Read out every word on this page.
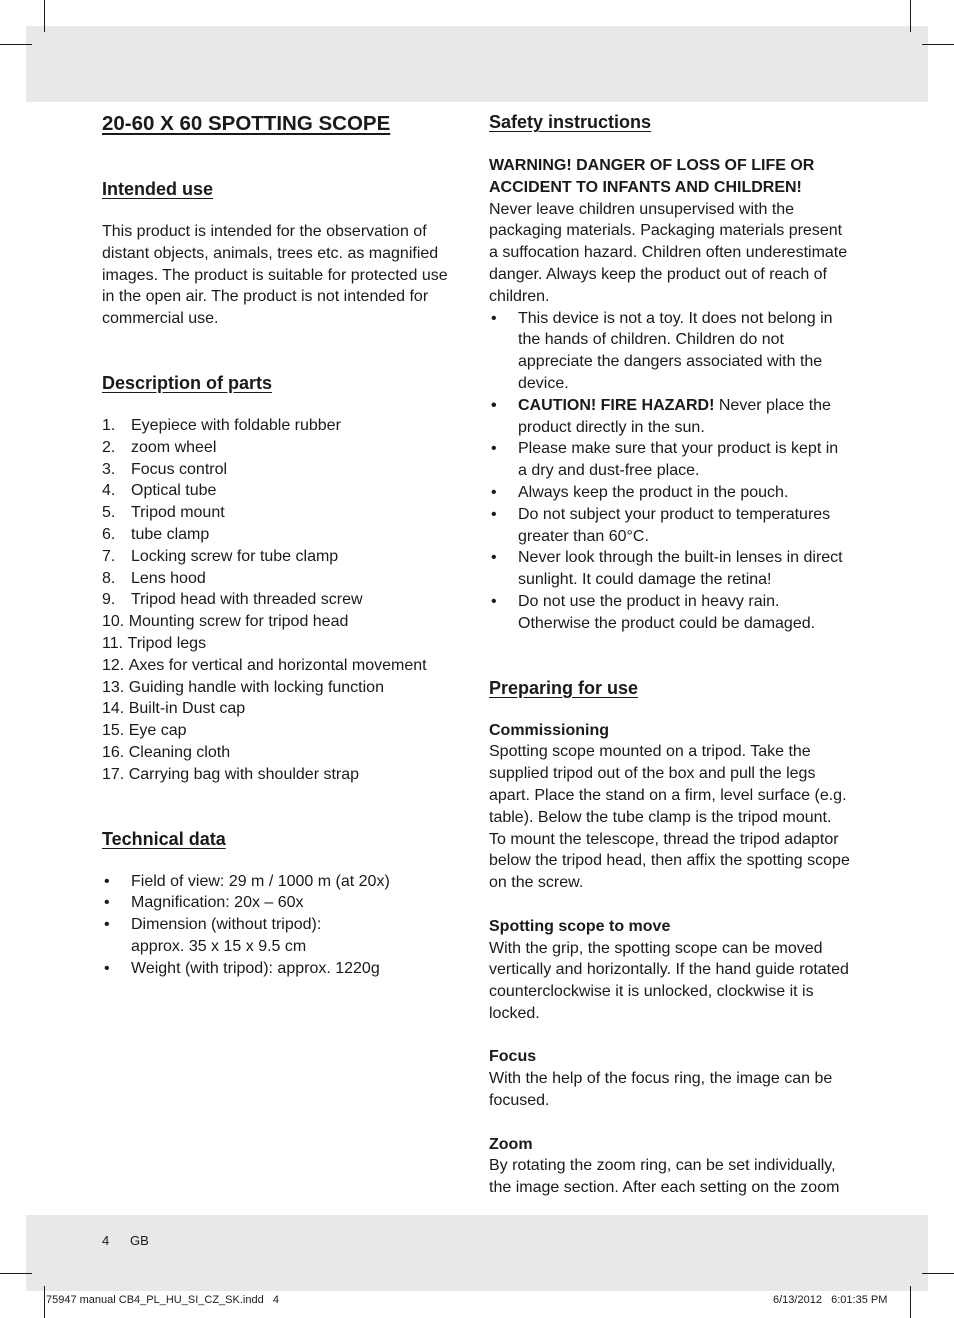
20-60 X 60 SPOTTING SCOPE
Intended use

This product is intended for the observation of distant objects, animals, trees etc. as magnified images. The product is suitable for protected use in the open air. The product is not intended for commercial use.

Description of parts
1. Eyepiece with foldable rubber
2. zoom wheel
3. Focus control
4. Optical tube
5. Tripod mount
6. tube clamp
7. Locking screw for tube clamp
8. Lens hood
9. Tripod head with threaded screw
10.
Mounting screw for tripod head
11.
Tripod legs
12.
Axes for vertical and horizontal movement
13.
Guiding handle with locking function
14.
Built-in Dust cap
15.
Eye cap
16.
Cleaning cloth
17.
Carrying bag with shoulder strap
Technical data
•	Field of view: 29 m / 1000 m (at 20x)
•	Magnification: 20x – 60x
•	Dimension (without tripod):
approx. 35 x 15 x 9.5 cm
•	Weight (with tripod): approx. 1220g
Safety instructions

WARNING! DANGER OF LOSS OF LIFE OR ACCIDENT TO INFANTS AND CHILDREN!

Never leave children unsupervised with the packaging materials. Packaging materials present a suffocation hazard. Children often underestimate danger. Always keep the product out of reach of children.

•	This device is not a toy. It does not belong in the hands of children. Children do not appreciate the dangers associated with the device.
•	CAUTION! FIRE HAZARD! Never place the product directly in the sun.
•	Please make sure that your product is kept in a dry and dust-free place.
•	Always keep the product in the pouch.
•	Do not subject your product to temperatures greater than 60°C.
•	Never look through the built-in lenses in direct sunlight. It could damage the retina!
•	Do not use the product in heavy rain. Otherwise the product could be damaged.
Preparing for use

Commissioning

Spotting scope mounted on a tripod. Take the supplied tripod out of the box and pull the legs apart. Place the stand on a firm, level surface (e.g. table). Below the tube clamp is the tripod mount. To mount the telescope, thread the tripod adaptor below the tripod head, then affix the spotting scope on the screw.

Spotting scope to move

With the grip, the spotting scope can be moved vertically and horizontally. If the hand guide rotated counterclockwise it is unlocked, clockwise it is locked.

Focus

With the help of the focus ring, the image can be focused.

Zoom

By rotating the zoom ring, can be set individually, the image section. After each setting on the zoom

4 GB
75947 manual CB4_PL_HU_SI_CZ_SK.indd   4	6/13/2012   6:01:35 PM
